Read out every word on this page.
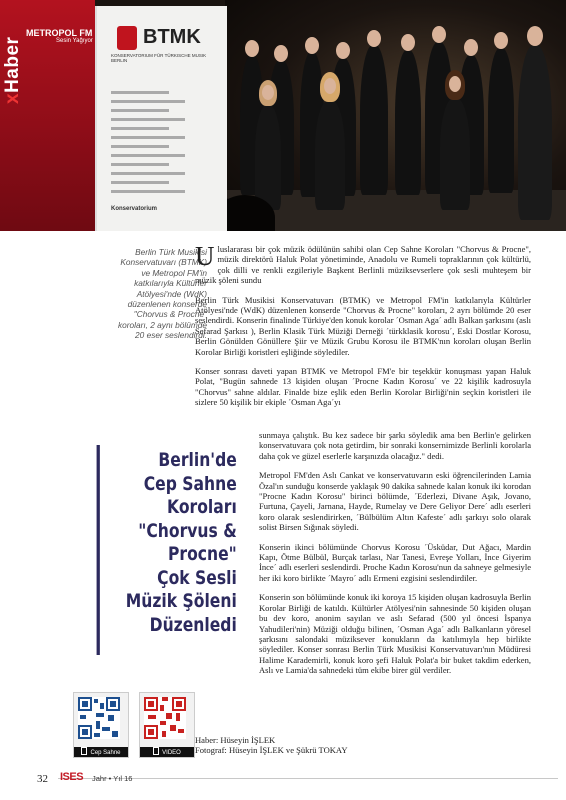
xHaber
METROPOL FM
Sesin Yağıyor	BTMK
KONSERVATORIUM FÜR TÜRKISCHE MUSIK BERLIN
Konservatorium
Berlin Türk Musikisi Konservatuvarı (BTMK) ve Metropol FM'in katkılarıyla Kültürler Atölyesi'nde (WdK) düzenlenen konserde "Chorvus & Procne" koroları, 2 aynı bölümde 20 eser seslendirdi.

Uluslararası bir çok müzik ödülünün sahibi olan Cep Sahne Koroları "Chorvus & Procne", müzik direktörü Haluk Polat yönetiminde, Anadolu ve Rumeli topraklarının çok kültürlü, çok dilli ve renkli ezgileriyle Başkent Berlinli müziksevserlere çok sesli muhteşem bir müzik şöleni sundu

Berlin Türk Musikisi Konservatuvarı (BTMK) ve Metropol FM'in katkılarıyla Kültürler Atölyesi'nde (WdK) düzenlenen konserde "Chorvus & Procne" koroları, 2 ayrı bölümde 20 eser seslendirdi. Konserin finalinde Türkiye'den konuk korolar ´Osman Aga´ adlı Balkan şarkısını (aslı Sefarad Şarkısı ), Berlin Klasik Türk Müziği Derneği ´türkklasik korosu´, Eski Dostlar Korosu, Berlin Gönülden Gönüllere Şiir ve Müzik Grubu Korosu ile BTMK'nın koroları oluşan Berlin Korolar Birliği koristleri eşliğinde söylediler.

Konser sonrası daveti yapan BTMK ve Metropol FM'e bir teşekkür konuşması yapan Haluk Polat, "Bugün sahnede 13 kişiden oluşan ´Procne Kadın Korosu´ ve 22 kişilik kadrosuyla "Chorvus" sahne aldılar. Finalde bize eşlik eden Berlin Korolar Birliği'nin seçkin koristleri ile sizlere 50 kişilik bir ekiple ´Osman Aga´yı

Berlin'de
Cep Sahne
Koroları
"Chorvus &
Procne"
Çok Sesli
Müzik Şöleni
Düzenledi

sunmaya çalıştık. Bu kez sadece bir şarkı söyledik ama ben Berlin'e gelirken konservatuvara çok nota getirdim, bir sonraki konsernimizde Berlinli korolarla daha çok ve güzel eserlerle karşınızda olacağız." dedi.

Metropol FM'den Aslı Cankat ve konservatuvarın eski öğrencilerinden Lamia Özal'ın sunduğu konserde yaklaşık 90 dakika sahnede kalan konuk iki korodan "Procne Kadın Korosu" birinci bölümde, ´Ederlezi, Divane Aşık, Jovano, Furtuna, Çayeli, Jarnana, Hayde, Rumelay ve Dere Geliyor Dere´ adlı eserleri koro olarak seslendirirken, ´Bülbülüm Altın Kafeste´ adlı şarkıyı solo olarak solist Birsen Sığınak söyledi.

Konserin ikinci bölümünde Chorvus Korosu ´Üsküdar, Dut Ağacı, Mardin Kapı, Ötme Bülbül, Burçak tarlası, Nar Tanesi, Evreşe Yolları, İnce Giyerim İnce´ adlı eserleri seslendirdi. Proche Kadın Korosu'nun da sahneye gelmesiyle her iki koro birlikte ´Mayro´ adlı Ermeni ezgisini seslendirdiler.

Konserin son bölümünde konuk iki koroya 15 kişiden oluşan kadrosuyla Berlin Korolar Birliği de katıldı. Kültürler Atölyesi'nin sahnesinde 50 kişiden oluşan bu dev koro, anonim sayılan ve aslı Sefarad (500 yıl öncesi İspanya Yahudileri'nin) Müziği olduğu bilinen, ´Osman Aga´ adlı Balkanların yöresel şarkısını salondaki müziksever konukların da katılımıyla hep birlikte söylediler. Konser sonrası Berlin Türk Musikisi Konservatuvarı'nın Müdüresi Halime Karademirli, konuk koro şefi Haluk Polat'a bir buket takdim ederken, Aslı ve Lamia'da sahnedeki tüm ekibe birer gül verdiler.

Haber: Hüseyin İŞLEK
Fotograf: Hüseyin İŞLEK ve Şükrü TOKAY
Cep Sahne	VIDEO
32 ISES Jahr • Yıl 16
